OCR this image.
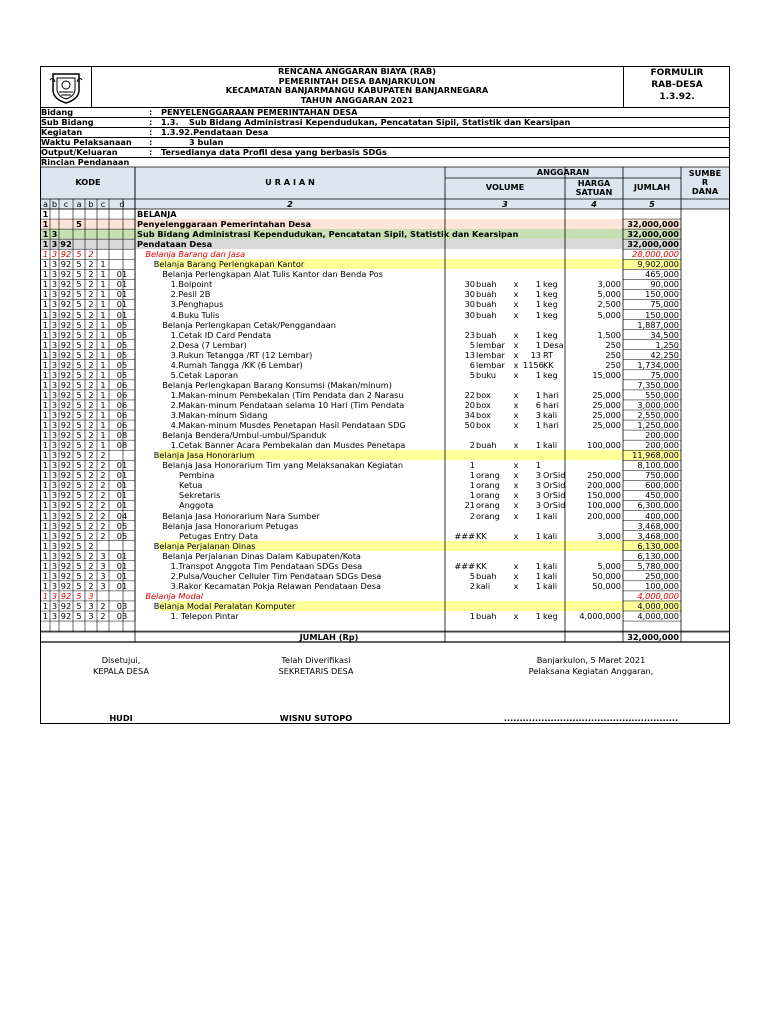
RENCANA ANGGARAN BIAYA (RAB)
PEMERINTAH DESA BANJARKULON
KECAMATAN BANJARMANGU KABUPATEN BANJARNEGARA
TAHUN ANGGARAN 2021
FORMULIR
RAB-DESA
1.3.92.
Bidang	: PENYELENGGARAAN PEMERINTAHAN DESA
Sub Bidang	: 1.3. Sub Bidang Administrasi Kependudukan, Pencatatan Sipil, Statistik dan Kearsipan
Kegiatan	: 1.3.92.Pendataan Desa
Waktu Pelaksanaan	:	3 bulan
Output/Keluaran	: Tersedianya data Profil desa yang berbasis SDGs
Rincian Pendanaan
KODE	U R A I A N
ANGGARAN
VOLUME	HARGA
SATUAN	JUMLAH
SUMBE
R
DANA
a b c	a b c	d	2	3	4	5
1	BELANJA
1	5	Penyelenggaraan Pemerintahan Desa	32,000,000
1 3	Sub Bidang Administrasi Kependudukan, Pencatatan Sipil, Statistik dan Kearsipan	32,000,000
1 3 92	Pendataan Desa	32,000,000
1 3 92 5 2	Belanja Barang dan Jasa	28,000,000
1 3 92 5 2 1	Belanja Barang Perlengkapan Kantor	9,902,000
1 3 92 5 2 1	01	Belanja Perlengkapan Alat Tulis Kantor dan Benda Pos	465,000
1 3 92 5 2 1	01	1.Bolpoint	30 buah	x	1 keg	3,000	90,000
1 3 92 5 2 1	01	2.Pesil 2B	30 buah	x	1 keg	5,000	150,000
1 3 92 5 2 1	01	3.Penghapus	30 buah	x	1 keg	2,500	75,000
1 3 92 5 2 1	01	4.Buku Tulis	30 buah	x	1 keg	5,000	150,000
1 3 92 5 2 1	05	Belanja Perlengkapan Cetak/Penggandaan	1,887,000
1 3 92 5 2 1	05	1.Cetak ID Card Pendata	23 buah	x	1 keg	1,500	34,500
1 3 92 5 2 1	05	2.Desa (7 Lembar)	5 lembar	x	1 Desa	250	1,250
1 3 92 5 2 1	05	3.Rukun Tetangga /RT (12 Lembar)	13 lembar	x	13 RT	250	42,250
1 3 92 5 2 1	05	4.Rumah Tangga /KK (6 Lembar)	6 lembar	x 1156 KK	250	1,734,000
1 3 92 5 2 1	05	5.Cetak Laporan	5 buku	x	1 keg	15,000	75,000
1 3 92 5 2 1	06	Belanja Perlengkapan Barang Konsumsi (Makan/minum)	7,350,000
1 3 92 5 2 1	06	1.Makan-minum Pembekalan (Tim Pendata dan 2 Narasu	22 box	x	1 hari	25,000	550,000
1 3 92 5 2 1	06	2.Makan-minum Pendataan selama 10 Hari (Tim Pendata	20 box	x	6 hari	25,000	3,000,000
1 3 92 5 2 1	06	3.Makan-minum Sidang	34 box	x	3 kali	25,000	2,550,000
1 3 92 5 2 1	06	4.Makan-minum Musdes Penetapan Hasil Pendataan SDG	50 box	x	1 hari	25,000	1,250,000
1 3 92 5 2 1	08	Belanja Bendera/Umbul-umbul/Spanduk	200,000
1 3 92 5 2 1	08	1.Cetak Banner Acara Pembekalan dan Musdes Penetapa	2 buah	x	1 kali	100,000	200,000
1 3 92 5 2 2	Belanja Jasa Honorarium	11,968,000
1 3 92 5 2 2	01	Belanja Jasa Honorarium Tim yang Melaksanakan Kegiatan	1	x	1	8,100,000
1 3 92 5 2 2	01	Pembina	1 orang	x	3 OrSid	250,000	750,000
1 3 92 5 2 2	01	Ketua	1 orang	x	3 OrSid	200,000	600,000
1 3 92 5 2 2	01	Sekretaris	1 orang	x	3 OrSid	150,000	450,000
1 3 92 5 2 2	01	Anggota	21 orang	x	3 OrSid	100,000	6,300,000
1 3 92 5 2 2	04	Belanja Jasa Honorarium Nara Sumber	2 orang	x	1 kali	200,000	400,000
1 3 92 5 2 2	05	Belanja Jasa Honorarium Petugas	3,468,000
1 3 92 5 2 2	05	Petugas Entry Data	### KK	x	1 kali	3,000	3,468,000
1 3 92 5 2	Belanja Perjalanan Dinas	6,130,000
1 3 92 5 2 3	01	Belanja Perjalanan Dinas Dalam Kabupaten/Kota	6,130,000
1 3 92 5 2 3	01	1.Transpot Anggota Tim Pendataan SDGs Desa	### KK	x	1 kali	5,000	5,780,000
1 3 92 5 2 3	01	2.Pulsa/Voucher Celluler Tim Pendataan SDGs Desa	5 buah	x	1 kali	50,000	250,000
1 3 92 5 2 3	01	3.Rakor Kecamatan Pokja Relawan Pendataan Desa	2 kali	x	1 kali	50,000	100,000
1 3 92 5 3	Belanja Modal	4,000,000
1 3 92 5 3 2	03	Belanja Modal Peralatan Komputer	4,000,000
1 3 92 5 3 2	03	1. Telepon Pintar	1 buah	x	1 keg	4,000,000	4,000,000
JUMLAH (Rp)	32,000,000
Disetujui,
KEPALA DESA
HUDI
Telah Diverifikasi
SEKRETARIS DESA
WISNU SUTOPO
Banjarkulon, 5 Maret 2021
Pelaksana Kegiatan Anggaran,
........................................................
